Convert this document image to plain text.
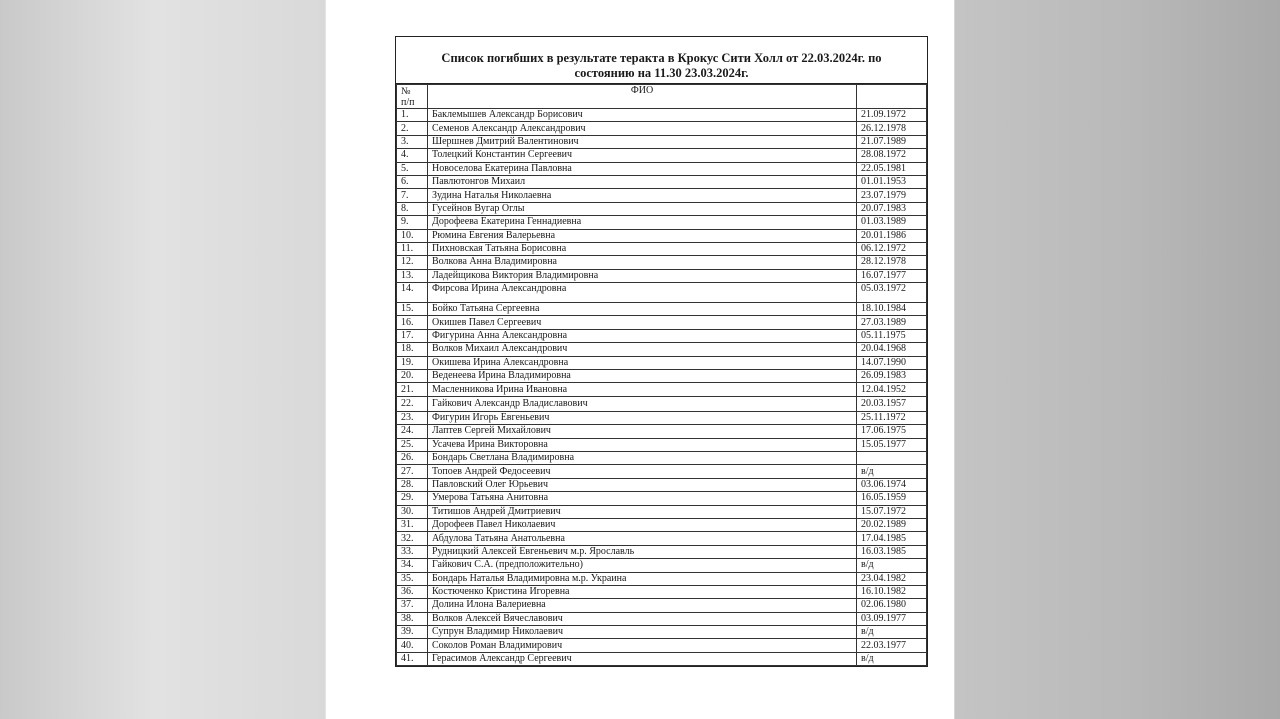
Список погибших в результате теракта в Крокус Сити Холл от 22.03.2024г. по
состоянию на 11.30 23.03.2024г.
№
п/п	ФИО	
1.	Баклемышев Александр Борисович	21.09.1972
2.	Семенов Александр Александрович	26.12.1978
3.	Шершнев Дмитрий Валентинович	21.07.1989
4.	Толецкий Константин Сергеевич	28.08.1972
5.	Новоселова Екатерина Павловна	22.05.1981
6.	Павлютонгов Михаил	01.01.1953
7.	Зудина Наталья Николаевна	23.07.1979
8.	Гусейнов Вугар Оглы	20.07.1983
9.	Дорофеева Екатерина Геннадиевна	01.03.1989
10.	Рюмина Евгения Валерьевна	20.01.1986
11.	Пихновская Татьяна Борисовна	06.12.1972
12.	Волкова Анна Владимировна	28.12.1978
13.	Ладейщикова Виктория Владимировна	16.07.1977
14.	Фирсова Ирина Александровна	05.03.1972
15.	Бойко Татьяна Сергеевна	18.10.1984
16.	Окишев Павел Сергеевич	27.03.1989
17.	Фигурина Анна Александровна	05.11.1975
18.	Волков Михаил Александрович	20.04.1968
19.	Окишева Ирина Александровна	14.07.1990
20.	Веденеева Ирина Владимировна	26.09.1983
21.	Масленникова Ирина Ивановна	12.04.1952
22.	Гайкович Александр Владиславович	20.03.1957
23.	Фигурин Игорь Евгеньевич	25.11.1972
24.	Лаптев Сергей Михайлович	17.06.1975
25.	Усачева Ирина Викторовна	15.05.1977
26.	Бондарь Светлана Владимировна	
27.	Топоев Андрей Федосеевич	в/д
28.	Павловский Олег Юрьевич	03.06.1974
29.	Умерова Татьяна Анитовна	16.05.1959
30.	Титишов Андрей Дмитриевич	15.07.1972
31.	Дорофеев Павел Николаевич	20.02.1989
32.	Абдулова Татьяна Анатольевна	17.04.1985
33.	Рудницкий Алексей Евгеньевич м.р. Ярославль	16.03.1985
34.	Гайкович С.А. (предположительно)	в/д
35.	Бондарь Наталья Владимировна м.р. Украина	23.04.1982
36.	Костюченко Кристина Игоревна	16.10.1982
37.	Долина Илона Валериевна	02.06.1980
38.	Волков Алексей Вячеславович	03.09.1977
39.	Супрун Владимир Николаевич	в/д
40.	Соколов Роман Владимирович	22.03.1977
41.	Герасимов Александр Сергеевич	в/д
